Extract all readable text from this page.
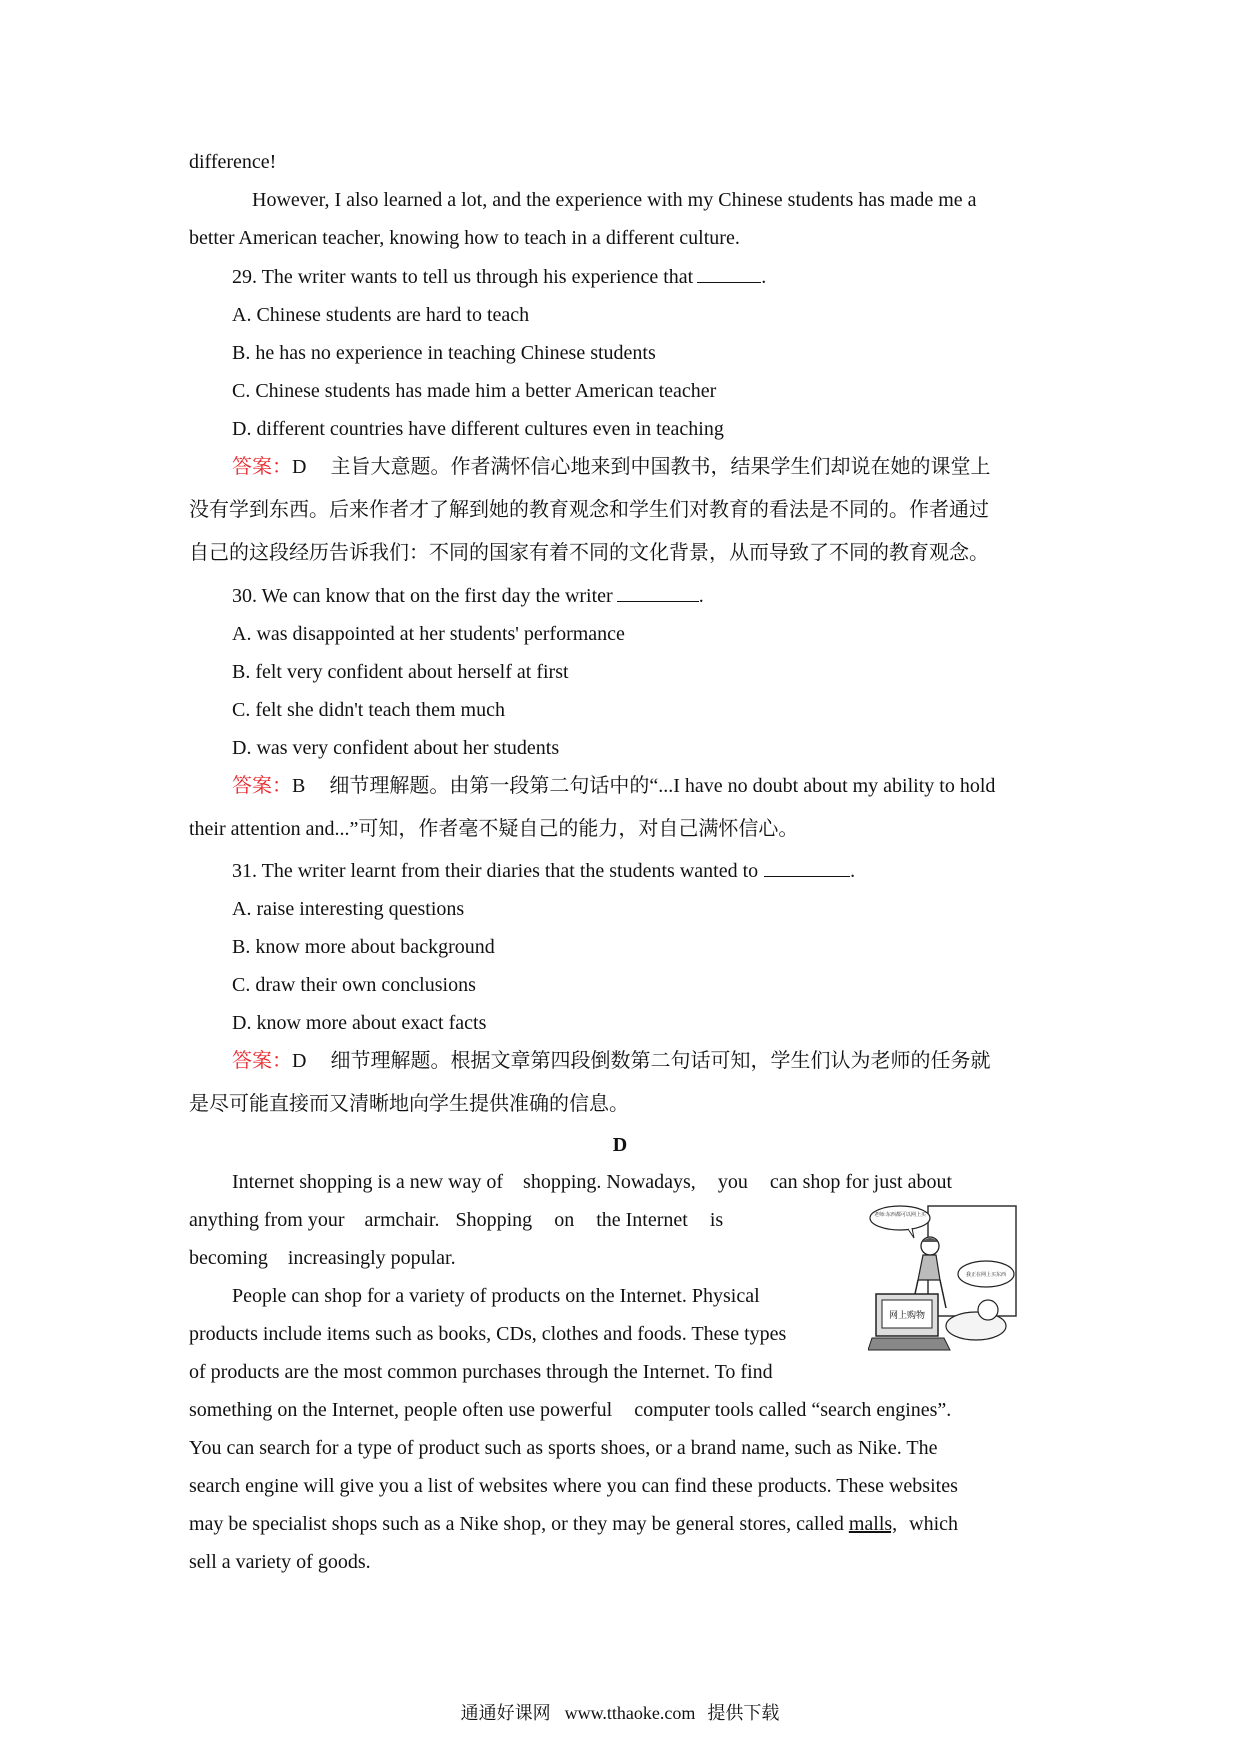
difference!
However, I also learned a lot, and the experience with my Chinese students has made me a
better American teacher, knowing how to teach in a different culture.
29. The writer wants to tell us through his experience that	.
A. Chinese students are hard to teach
B. he has no experience in teaching Chinese students
C. Chinese students has made him a better American teacher
D. different countries have different cultures even in teaching
答案：D 主旨大意题。作者满怀信心地来到中国教书，结果学生们却说在她的课堂上
没有学到东西。后来作者才了解到她的教育观念和学生们对教育的看法是不同的。作者通过
自己的这段经历告诉我们：不同的国家有着不同的文化背景，从而导致了不同的教育观念。
30. We can know that on the first day the writer	.
A. was disappointed at her students' performance
B. felt very confident about herself at first
C. felt she didn't teach them much
D. was very confident about her students
答案：B 细节理解题。由第一段第二句话中的“...I have no doubt about my ability to hold
their attention and...”可知，作者毫不疑自己的能力，对自己满怀信心。
31. The writer learnt from their diaries that the students wanted to	.
A. raise interesting questions
B. know more about background
C. draw their own conclusions
D. know more about exact facts
答案：D 细节理解题。根据文章第四段倒数第二句话可知，学生们认为老师的任务就
是尽可能直接而又清晰地向学生提供准确的信息。
D
Internet shopping is a new way of shopping. Nowadays, you can shop for just about
anything from your armchair. Shopping on the Internet is
becoming increasingly popular.
People can shop for a variety of products on the Internet. Physical
products include items such as books, CDs, clothes and foods. These types
of products are the most common purchases through the Internet. To find
something on the Internet, people often use powerful computer tools called “search engines”.
You can search for a type of product such as sports shoes, or a brand name, such as Nike. The
search engine will give you a list of websites where you can find these products. These websites
may be specialist shops such as a Nike shop, or they may be general stores, called malls, which
sell a variety of goods.
老师:东西都可以网上买
我正在网上买东西
网上购物
通通好课网 www.tthaoke.com 提供下载
